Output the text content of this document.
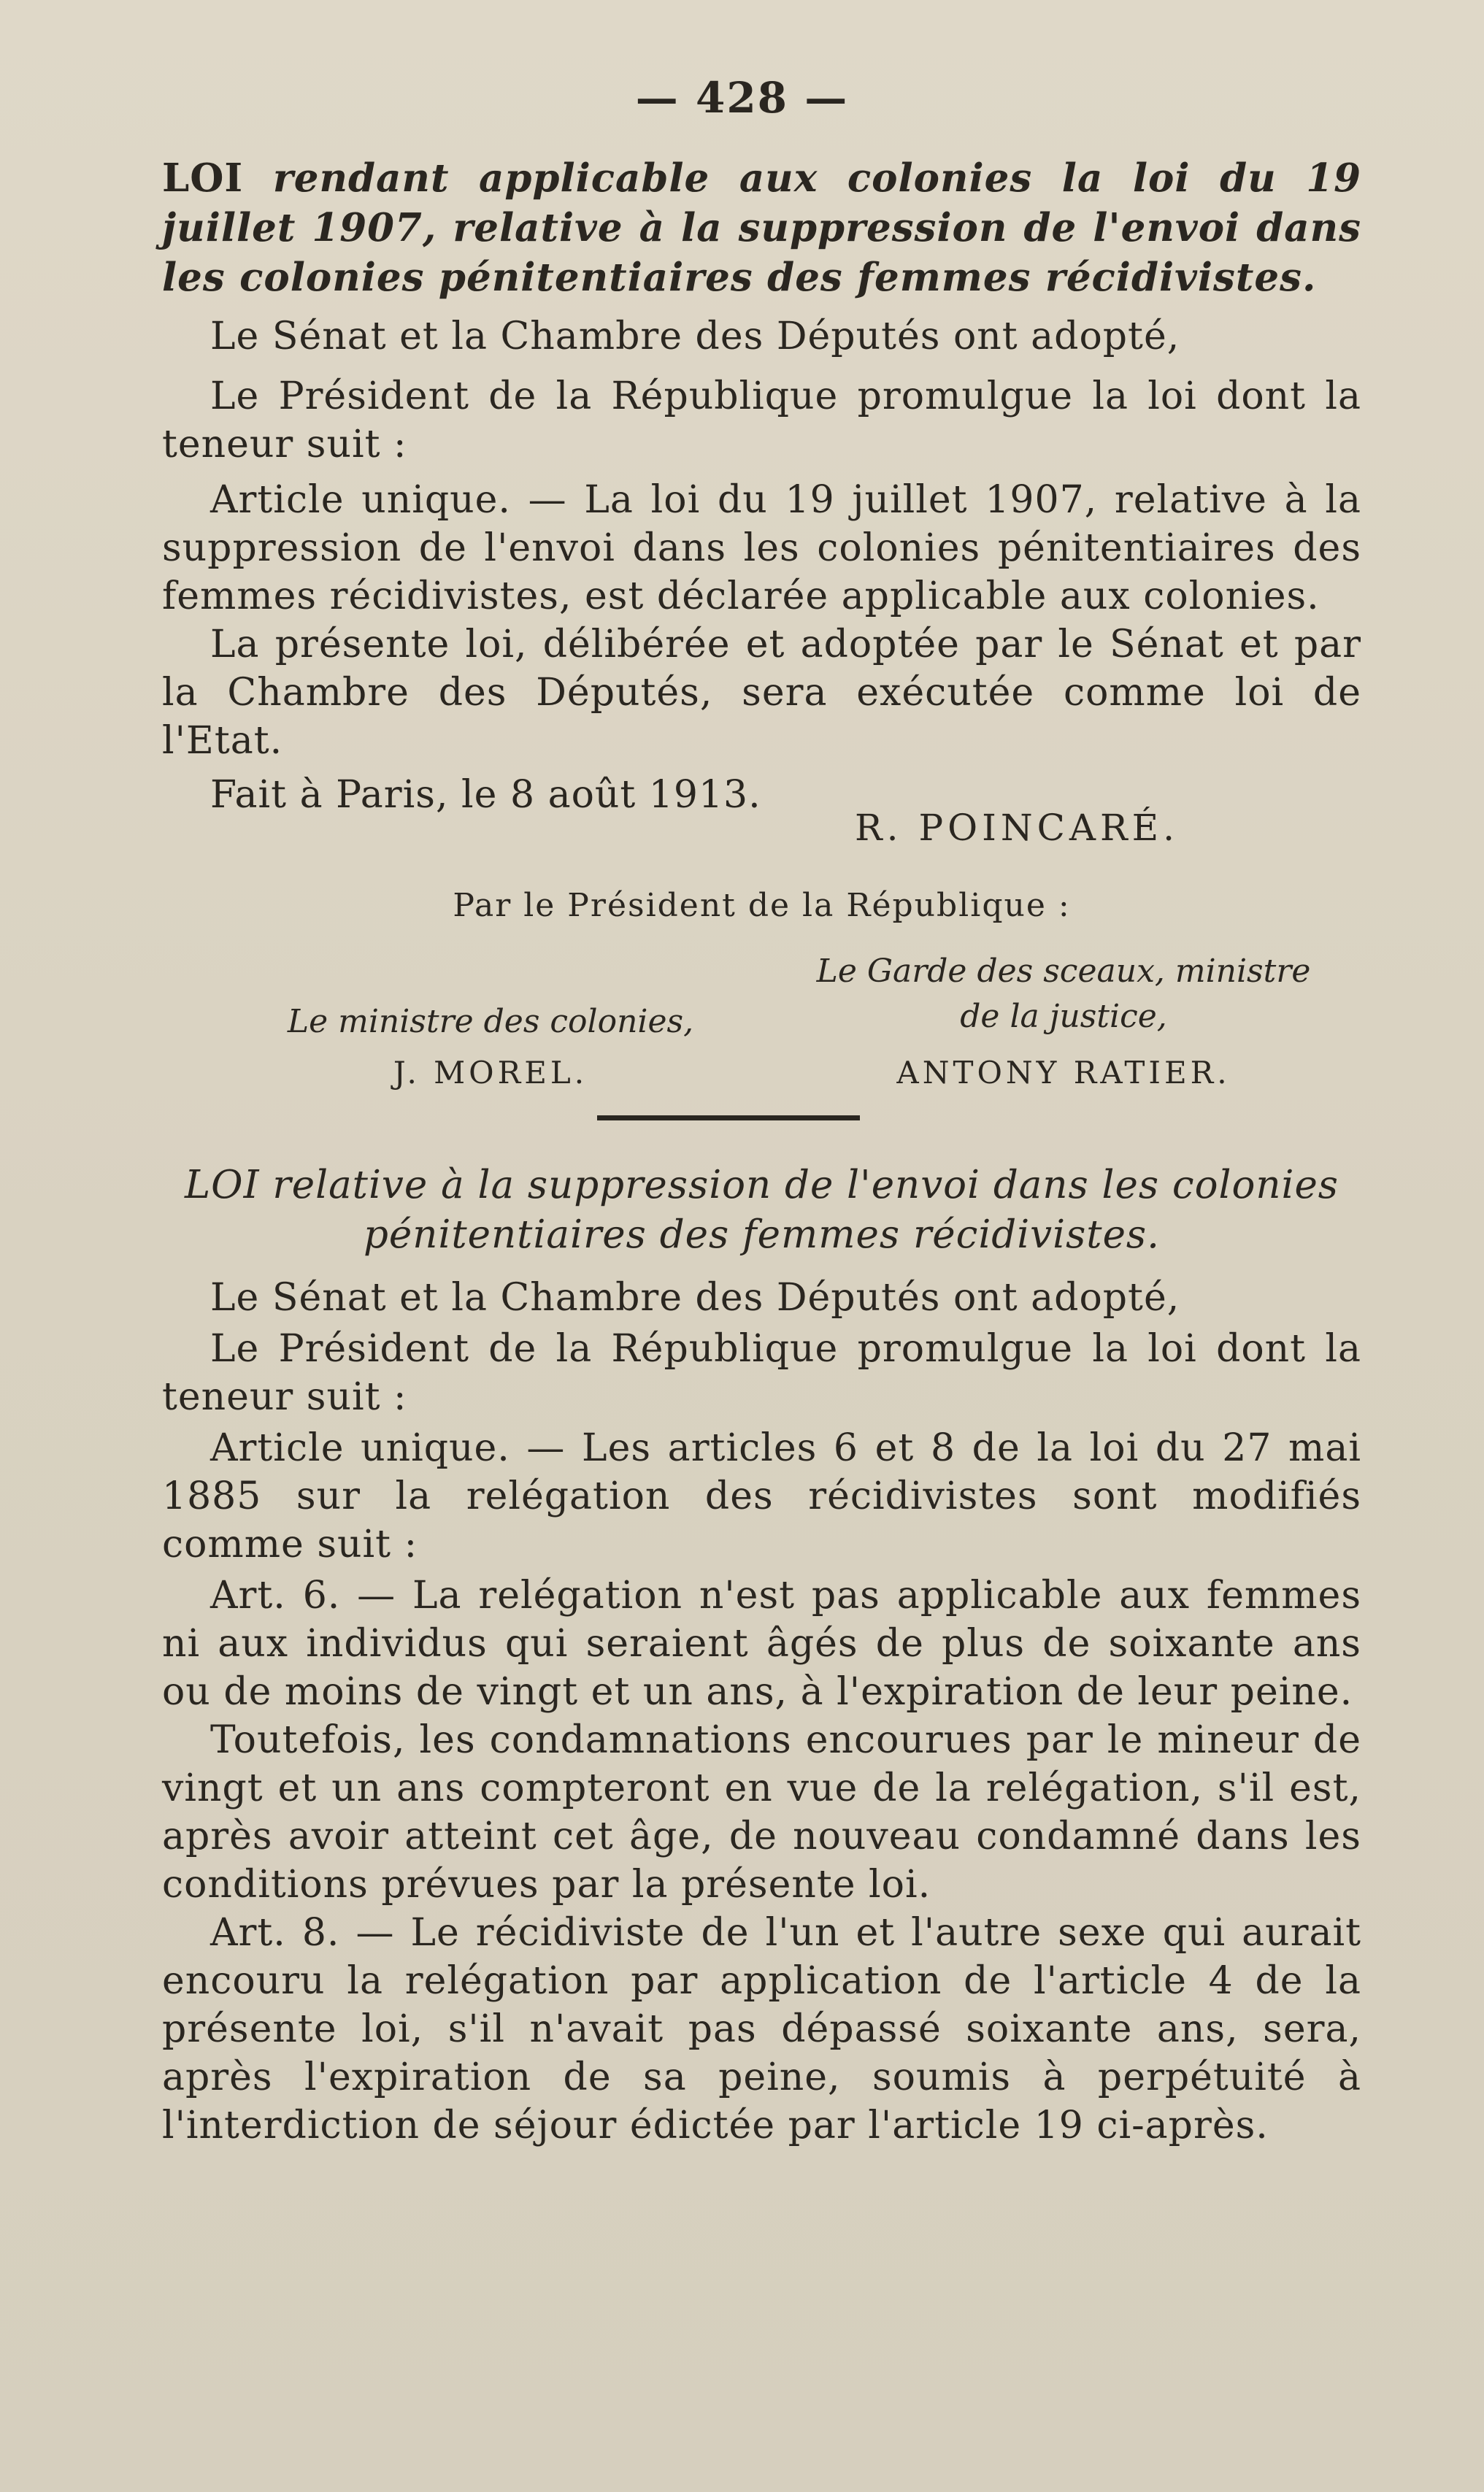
— 428 —
LOI rendant applicable aux colonies la loi du 19 juillet 1907, relative à la suppression de l'envoi dans les colonies pénitentiaires des femmes récidivistes.
Le Sénat et la Chambre des Députés ont adopté,
Le Président de la République promulgue la loi dont la teneur suit :
Article unique. — La loi du 19 juillet 1907, relative à la suppression de l'envoi dans les colonies pénitentiaires des femmes récidivistes, est déclarée applicable aux colonies.
La présente loi, délibérée et adoptée par le Sénat et par la Chambre des Députés, sera exécutée comme loi de l'Etat.
Fait à Paris, le 8 août 1913.
R. POINCARÉ.
Par le Président de la République :
Le ministre des colonies,
Le Garde des sceaux, ministre
de la justice,
J. MOREL.	ANTONY RATIER.
LOI relative à la suppression de l'envoi dans les colonies
pénitentiaires des femmes récidivistes.
Le Sénat et la Chambre des Députés ont adopté,
Le Président de la République promulgue la loi dont la teneur suit :
Article unique. — Les articles 6 et 8 de la loi du 27 mai 1885 sur la relégation des récidivistes sont modifiés comme suit :
Art. 6. — La relégation n'est pas applicable aux femmes ni aux individus qui seraient âgés de plus de soixante ans ou de moins de vingt et un ans, à l'expiration de leur peine.
Toutefois, les condamnations encourues par le mineur de vingt et un ans compteront en vue de la relégation, s'il est, après avoir atteint cet âge, de nouveau condamné dans les conditions prévues par la présente loi.
Art. 8. — Le récidiviste de l'un et l'autre sexe qui aurait encouru la relégation par application de l'article 4 de la présente loi, s'il n'avait pas dépassé soixante ans, sera, après l'expiration de sa peine, soumis à perpétuité à l'interdiction de séjour édictée par l'article 19 ci-après.
